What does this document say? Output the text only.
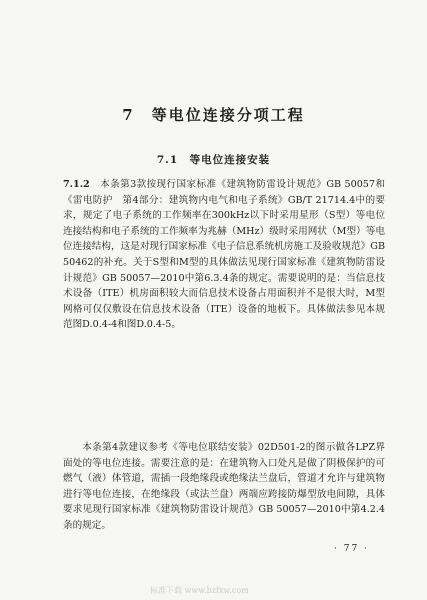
7　等电位连接分项工程
7.1　等电位连接安装

7.1.2　 本条第3款按现行国家标准《建筑物防雷设计规范》GB 50057和《雷电防护　第4部分：建筑物内电气和电子系统》GB/T 21714.4中的要求，规定了电子系统的工作频率在300kHz以下时采用星形（S型）等电位连接结构和电子系统的工作频率为兆赫（MHz）级时采用网状（M型）等电位连接结构，这是对现行国家标准《电子信息系统机房施工及验收规范》GB 50462的补充。关于S型和M型的具体做法见现行国家标准《建筑物防雷设计规范》GB 50057—2010中第6.3.4条的规定。需要说明的是：当信息技术设备（ITE）机房面积较大而信息技术设备占用面积并不是很大时，M型网格可仅仅敷设在信息技术设备（ITE）设备的地板下。具体做法参见本规范图D.0.4-4和图D.0.4-5。

本条第4款建议参考《等电位联结安装》02D501-2的图示做各LPZ界面处的等电位连接。需要注意的是：在建筑物入口处凡是做了阴极保护的可燃气（液）体管道，需插一段绝缘段或绝缘法兰盘后，管道才允许与建筑物进行等电位连接，在绝缘段（或法兰盘）两端应跨接防爆型放电间隙，具体要求见现行国家标准《建筑物防雷设计规范》GB 50057—2010中第4.2.4条的规定。

· 77 ·

标准下载 www.bzfxw.com
